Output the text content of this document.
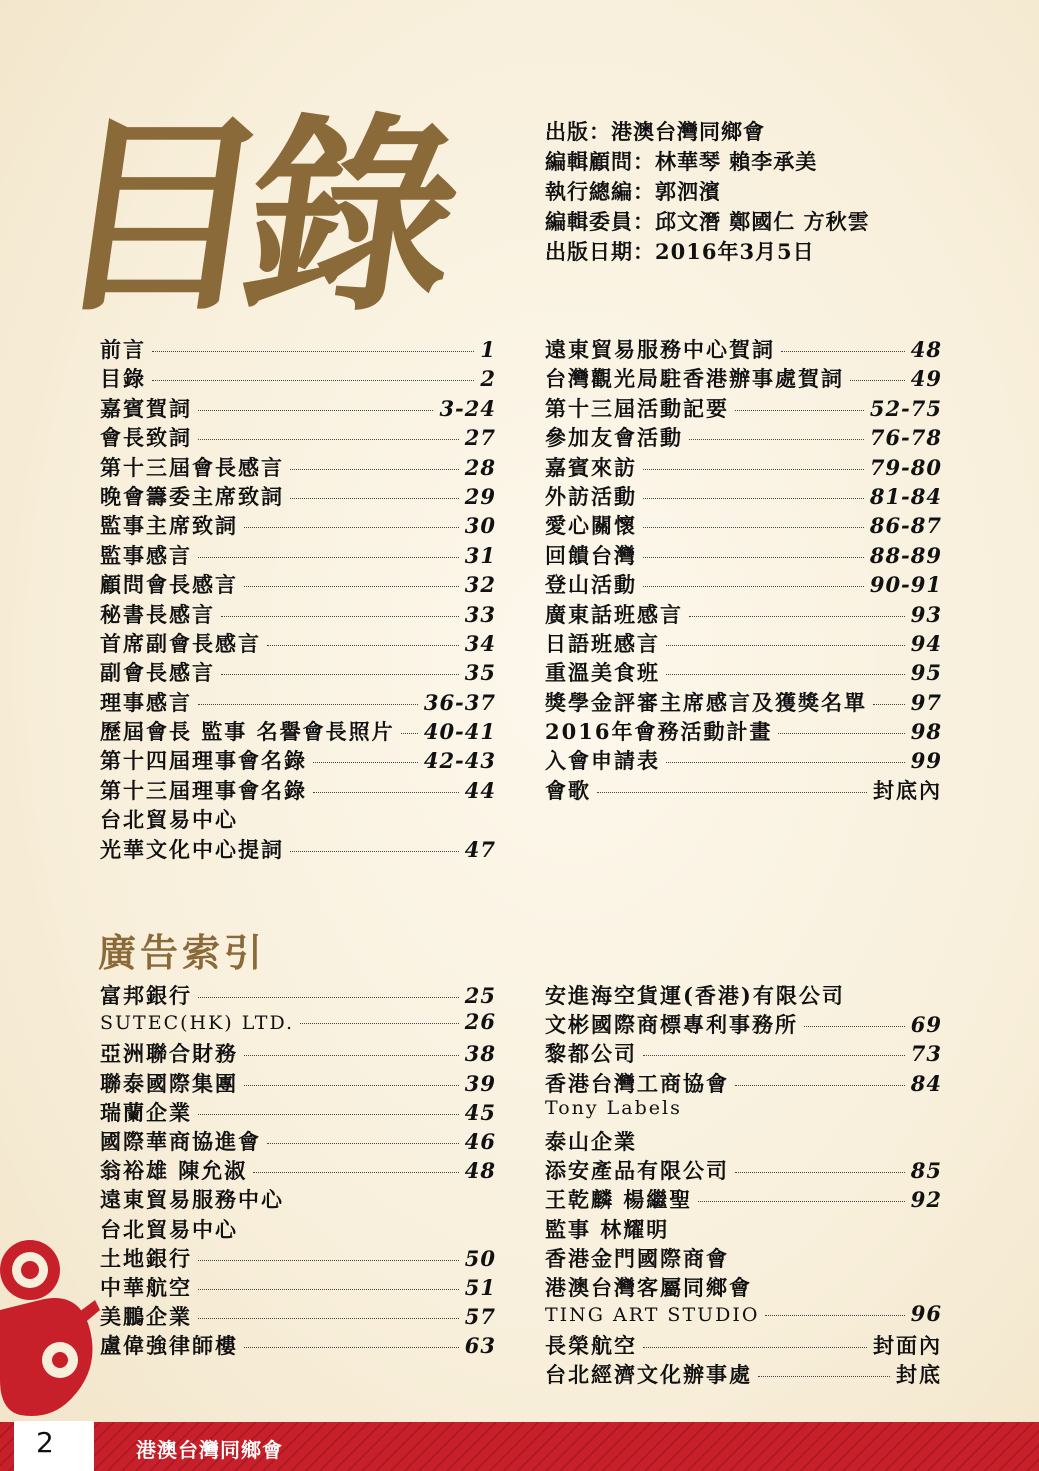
目錄	出版：港澳台灣同鄉會
編輯顧問：林華琴 賴李承美
執行總編：郭泗濱
編輯委員：邱文潛 鄭國仁 方秋雲
出版日期：2016年3月5日
前言	1
目錄	2
嘉賓賀詞	3-24
會長致詞	27
第十三屆會長感言	28
晚會籌委主席致詞	29
監事主席致詞	30
監事感言	31
顧問會長感言	32
秘書長感言	33
首席副會長感言	34
副會長感言	35
理事感言	36-37
歷屆會長 監事 名譽會長照片 40-41
第十四屆理事會名錄	42-43
第十三屆理事會名錄	44
台北貿易中心
光華文化中心提詞	47
遠東貿易服務中心賀詞	48
台灣觀光局駐香港辦事處賀詞	49
第十三屆活動記要	52-75
參加友會活動	76-78
嘉賓來訪	79-80
外訪活動	81-84
愛心關懷	86-87
回饋台灣	88-89
登山活動	90-91
廣東話班感言	93
日語班感言	94
重溫美食班	95
獎學金評審主席感言及獲獎名單 97
2016年會務活動計畫	98
入會申請表	99
會歌	封底內
廣告索引
富邦銀行	25
SUTEC(HK) LTD.	26
亞洲聯合財務	38
聯泰國際集團	39
瑞蘭企業	45
國際華商協進會	46
翁裕雄 陳允淑	48
遠東貿易服務中心
台北貿易中心
土地銀行	50
中華航空	51
美鵬企業	57
盧偉強律師樓	63
安進海空貨運(香港)有限公司
文彬國際商標專利事務所	69
黎都公司	73
香港台灣工商協會	84
Tony Labels
泰山企業
添安產品有限公司	85
王乾麟 楊繼聖	92
監事 林耀明
香港金門國際商會
港澳台灣客屬同鄉會
TING ART STUDIO	96
長榮航空	封面內
台北經濟文化辦事處	封底
2	港澳台灣同鄉會
